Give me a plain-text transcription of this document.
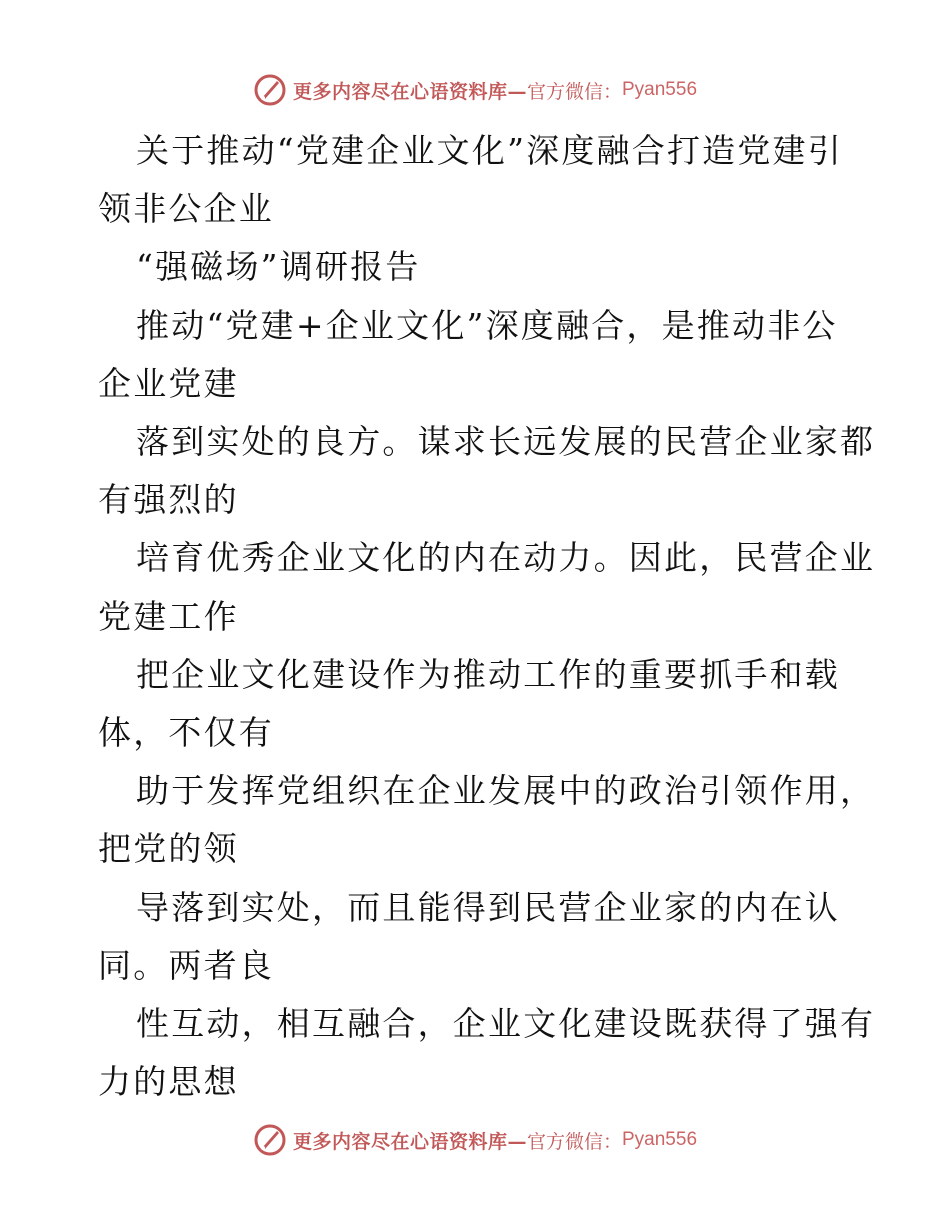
更多内容尽在心语资料库— 官方微信： Pyan556
关于推动“党建企业文化”深度融合打造党建引
领非公企业
“强磁场”调研报告
推动“党建+企业文化”深度融合，是推动非公
企业党建
落到实处的良方。谋求长远发展的民营企业家都
有强烈的
培育优秀企业文化的内在动力。因此，民营企业
党建工作
把企业文化建设作为推动工作的重要抓手和载
体，不仅有
助于发挥党组织在企业发展中的政治引领作用，
把党的领
导落到实处，而且能得到民营企业家的内在认
同。两者良
性互动，相互融合，企业文化建设既获得了强有
力的思想
更多内容尽在心语资料库— 官方微信： Pyan556
